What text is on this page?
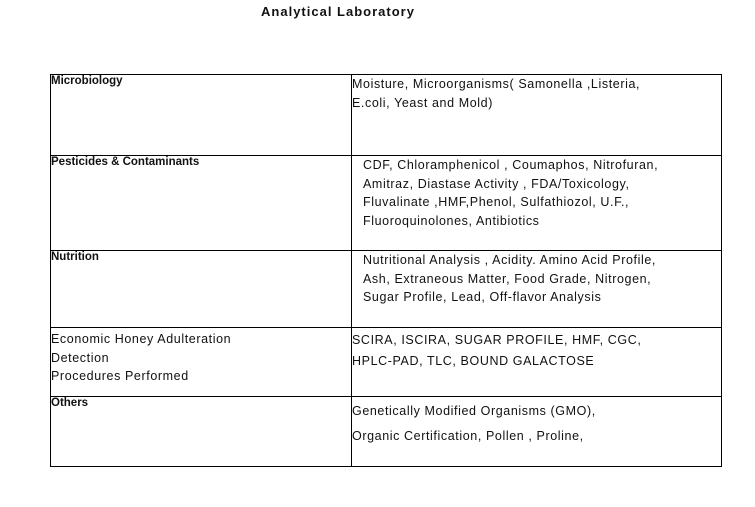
Analytical Laboratory
Microbiology	Moisture, Microorganisms( Samonella ,Listeria,
E.coli, Yeast and Mold)

Pesticides & Contaminants	CDF, Chloramphenicol , Coumaphos, Nitrofuran,
Amitraz, Diastase Activity , FDA/Toxicology,
Fluvalinate ,HMF,Phenol, Sulfathiozol, U.F.,
Fluoroquinolones, Antibiotics

Nutrition	Nutritional Analysis , Acidity. Amino Acid Profile,
Ash, Extraneous Matter, Food Grade, Nitrogen,
Sugar Profile, Lead, Off-flavor Analysis

Economic Honey Adulteration
Detection
Procedures Performed	SCIRA, ISCIRA, SUGAR PROFILE, HMF, CGC,
HPLC-PAD, TLC, BOUND GALACTOSE

Others	Genetically Modified Organisms (GMO),
Organic Certification, Pollen , Proline,
